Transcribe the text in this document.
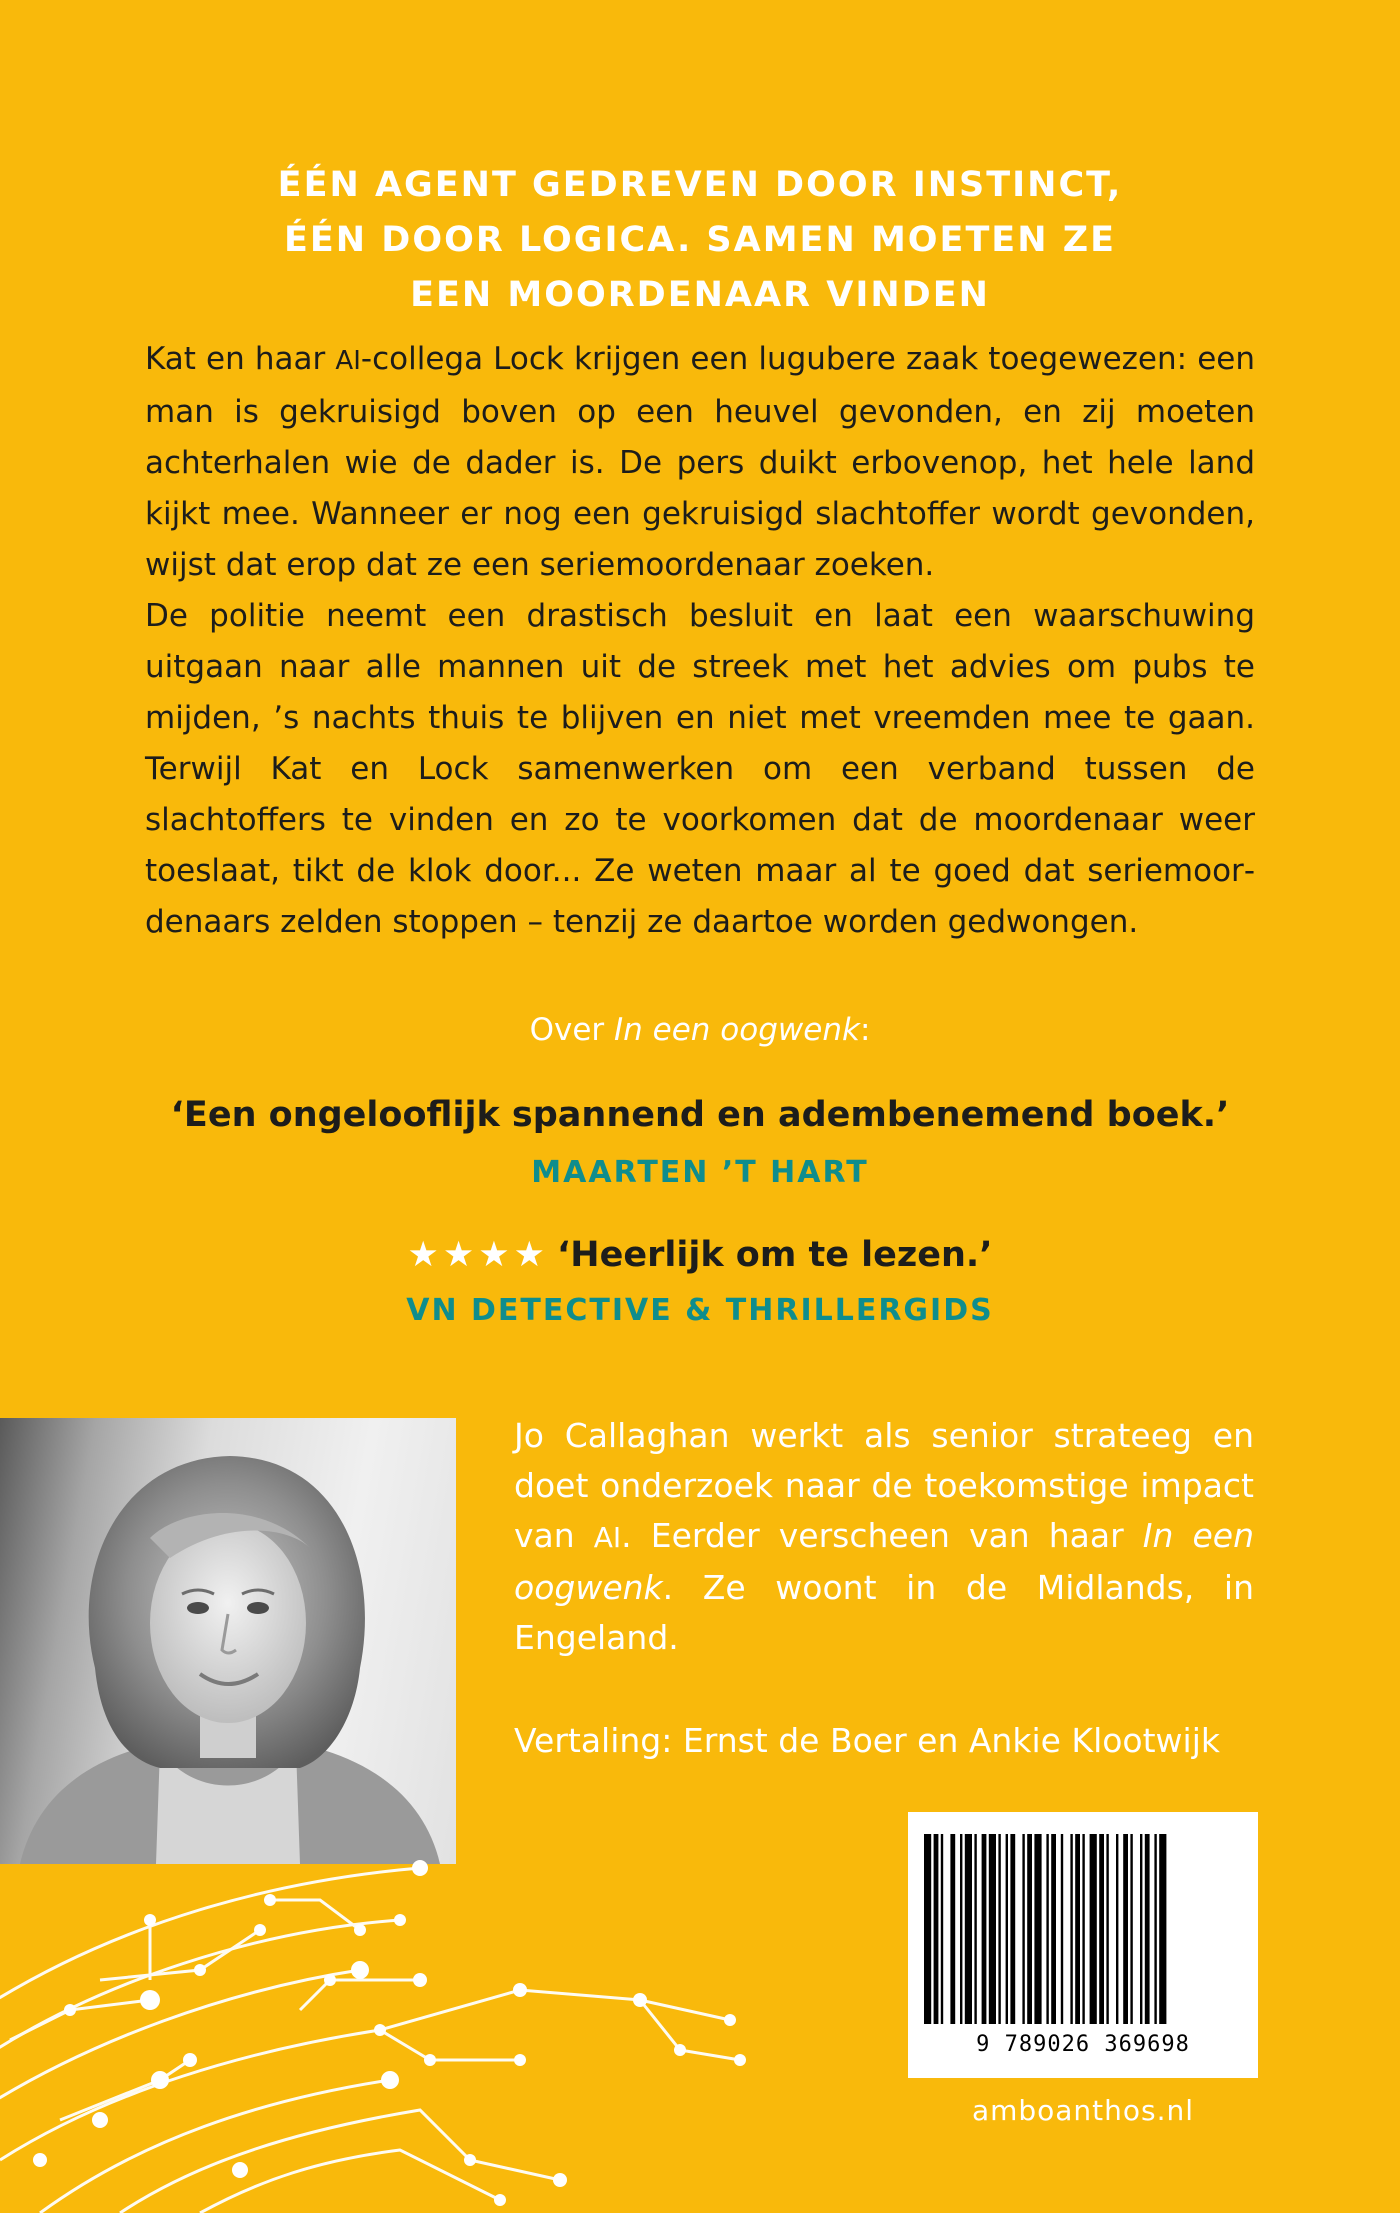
ÉÉN AGENT GEDREVEN DOOR INSTINCT,
ÉÉN DOOR LOGICA. SAMEN MOETEN ZE
EEN MOORDENAAR VINDEN

Kat en haar AI-collega Lock krijgen een lugubere zaak toegewezen: een man is gekruisigd boven op een heuvel gevonden, en zij moeten achterhalen wie de dader is. De pers duikt erbovenop, het hele land kijkt mee. Wanneer er nog een gekruisigd slachtoffer wordt gevonden, wijst dat erop dat ze een seriemoordenaar zoeken.

De politie neemt een drastisch besluit en laat een waarschuwing uitgaan naar alle mannen uit de streek met het advies om pubs te mijden, ’s nachts thuis te blijven en niet met vreemden mee te gaan. Terwijl Kat en Lock samenwerken om een verband tussen de slachtoffers te vinden en zo te voorkomen dat de moordenaar weer toeslaat, tikt de klok door... Ze weten maar al te goed dat seriemoordenaars zelden stoppen – tenzij ze daartoe worden gedwongen.

Over In een oogwenk:
‘Een ongelooflijk spannend en adembenemend boek.’
MAARTEN ’T HART
★★★★ ‘Heerlijk om te lezen.’
VN DETECTIVE & THRILLERGIDS

Jo Callaghan werkt als senior strateeg en doet onderzoek naar de toekomstige impact van AI. Eerder verscheen van haar In een oogwenk. Ze woont in de Midlands, in Engeland.

Vertaling: Ernst de Boer en Ankie Klootwijk
9 789026 369698
amboanthos.nl
